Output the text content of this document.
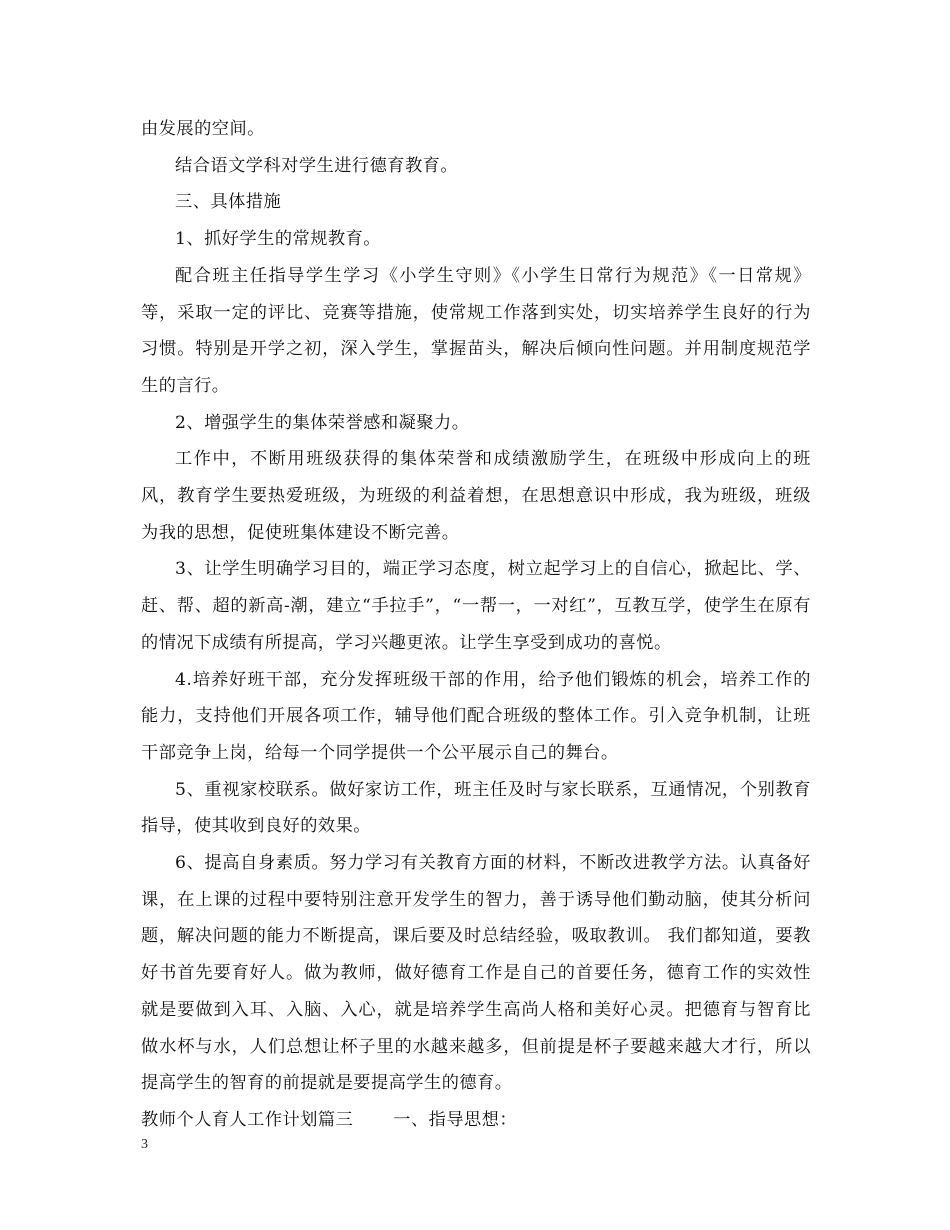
由发展的空间。

结合语文学科对学生进行德育教育。

三、具体措施

1、抓好学生的常规教育。

配合班主任指导学生学习《小学生守则》《小学生日常行为规范》《一日常规》等，采取一定的评比、竞赛等措施，使常规工作落到实处，切实培养学生良好的行为习惯。特别是开学之初，深入学生，掌握苗头，解决后倾向性问题。并用制度规范学生的言行。

2、增强学生的集体荣誉感和凝聚力。

工作中，不断用班级获得的集体荣誉和成绩激励学生，在班级中形成向上的班风，教育学生要热爱班级，为班级的利益着想，在思想意识中形成，我为班级，班级为我的思想，促使班集体建设不断完善。

3、让学生明确学习目的，端正学习态度，树立起学习上的自信心，掀起比、学、赶、帮、超的新高-潮，建立“手拉手”，“一帮一，一对红”，互教互学，使学生在原有的情况下成绩有所提高，学习兴趣更浓。让学生享受到成功的喜悦。

4.培养好班干部，充分发挥班级干部的作用，给予他们锻炼的机会，培养工作的能力，支持他们开展各项工作，辅导他们配合班级的整体工作。引入竞争机制，让班干部竞争上岗，给每一个同学提供一个公平展示自己的舞台。

5、重视家校联系。做好家访工作，班主任及时与家长联系，互通情况，个别教育指导，使其收到良好的效果。

6、提高自身素质。努力学习有关教育方面的材料，不断改进教学方法。认真备好课，在上课的过程中要特别注意开发学生的智力，善于诱导他们勤动脑，使其分析问题，解决问题的能力不断提高，课后要及时总结经验，吸取教训。 我们都知道，要教好书首先要育好人。做为教师，做好德育工作是自己的首要任务，德育工作的实效性就是要做到入耳、入脑、入心，就是培养学生高尚人格和美好心灵。把德育与智育比做水杯与水，人们总想让杯子里的水越来越多，但前提是杯子要越来越大才行，所以提高学生的智育的前提就是要提高学生的德育。

教师个人育人工作计划篇三 一、指导思想：

3
